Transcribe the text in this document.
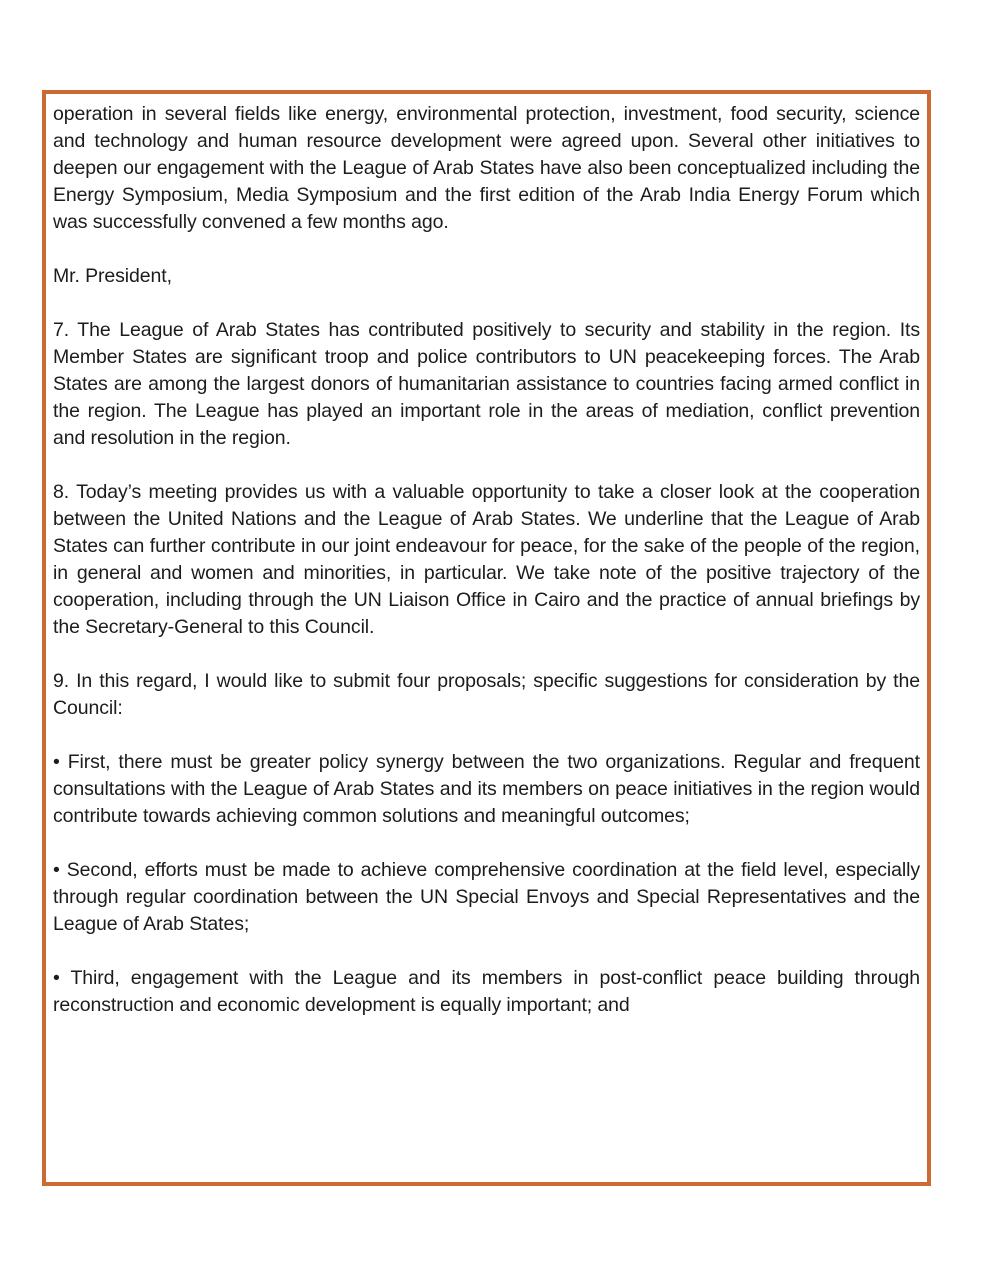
operation in several fields like energy, environmental protection, investment, food security, science and technology and human resource development were agreed upon. Several other initiatives to deepen our engagement with the League of Arab States have also been conceptualized including the Energy Symposium, Media Symposium and the first edition of the Arab India Energy Forum which was successfully convened a few months ago.

Mr. President,

7. The League of Arab States has contributed positively to security and stability in the region. Its Member States are significant troop and police contributors to UN peacekeeping forces. The Arab States are among the largest donors of humanitarian assistance to countries facing armed conflict in the region. The League has played an important role in the areas of mediation, conflict prevention and resolution in the region.

8. Today’s meeting provides us with a valuable opportunity to take a closer look at the cooperation between the United Nations and the League of Arab States. We underline that the League of Arab States can further contribute in our joint endeavour for peace, for the sake of the people of the region, in general and women and minorities, in particular. We take note of the positive trajectory of the cooperation, including through the UN Liaison Office in Cairo and the practice of annual briefings by the Secretary-General to this Council.

9. In this regard, I would like to submit four proposals; specific suggestions for consideration by the Council:

• First, there must be greater policy synergy between the two organizations. Regular and frequent consultations with the League of Arab States and its members on peace initiatives in the region would contribute towards achieving common solutions and meaningful outcomes;

• Second, efforts must be made to achieve comprehensive coordination at the field level, especially through regular coordination between the UN Special Envoys and Special Representatives and the League of Arab States;

• Third, engagement with the League and its members in post-conflict peace building through reconstruction and economic development is equally important; and
